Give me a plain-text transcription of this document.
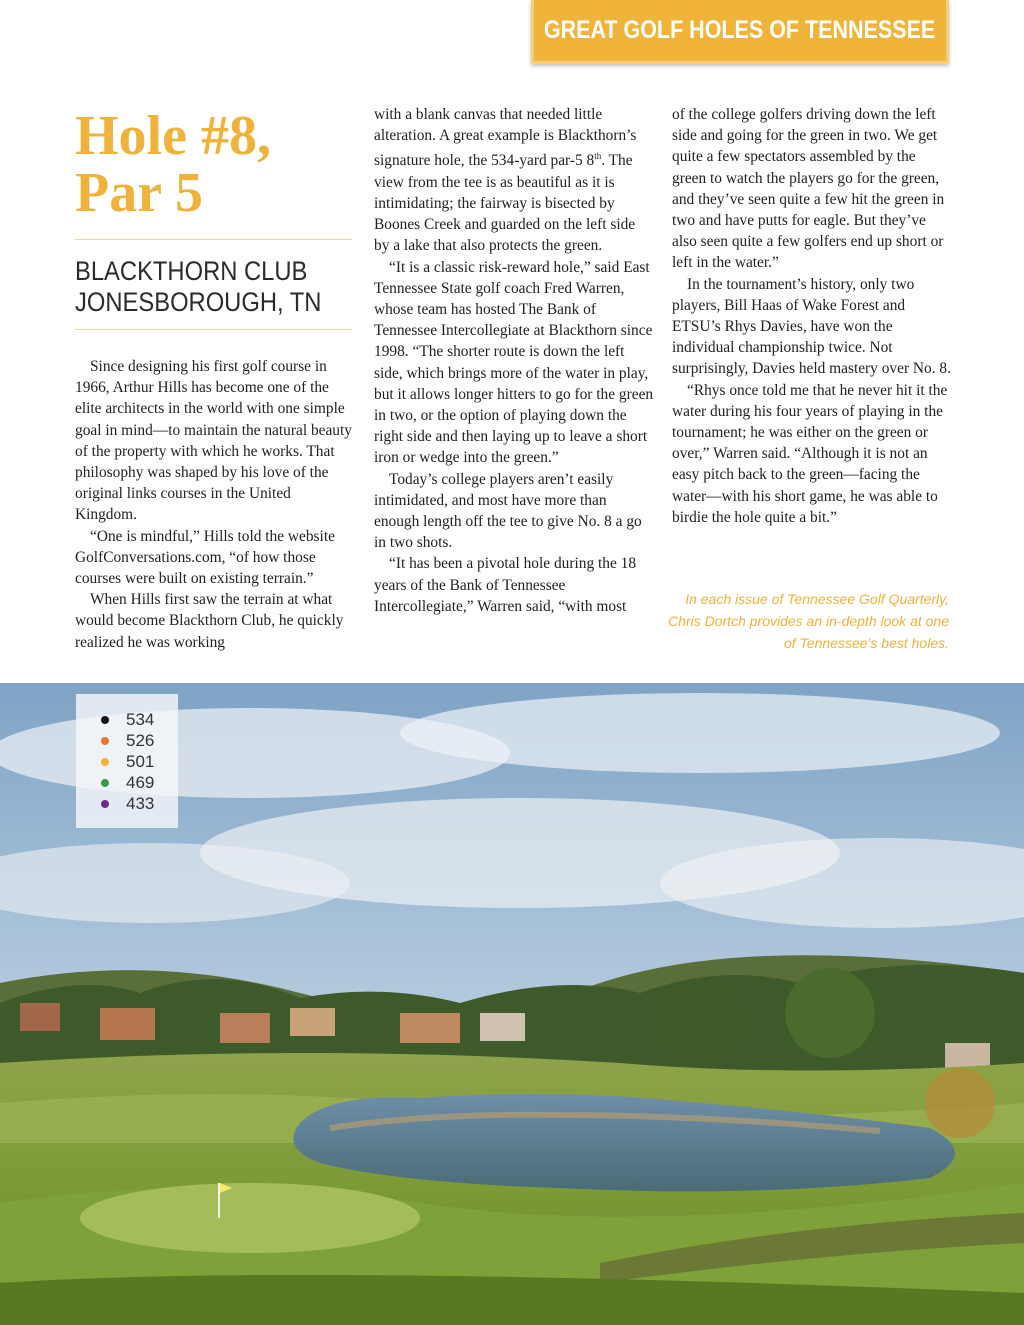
GREAT GOLF HOLES OF TENNESSEE
Hole #8,
Par 5
BLACKTHORN CLUB
JONESBOROUGH, TN

Since designing his first golf course in 1966, Arthur Hills has become one of the elite architects in the world with one simple goal in mind—to maintain the natural beauty of the property with which he works. That philosophy was shaped by his love of the original links courses in the United Kingdom.

“One is mindful,” Hills told the website GolfConversations.com, “of how those courses were built on existing terrain.”

When Hills first saw the terrain at what would become Blackthorn Club, he quickly realized he was working

with a blank canvas that needed little alteration. A great example is Blackthorn’s signature hole, the 534-yard par-5 8th. The view from the tee is as beautiful as it is intimidating; the fairway is bisected by Boones Creek and guarded on the left side by a lake that also protects the green.

“It is a classic risk-reward hole,” said East Tennessee State golf coach Fred Warren, whose team has hosted The Bank of Tennessee Intercollegiate at Blackthorn since 1998. “The shorter route is down the left side, which brings more of the water in play, but it allows longer hitters to go for the green in two, or the option of playing down the right side and then laying up to leave a short iron or wedge into the green.”

Today’s college players aren’t easily intimidated, and most have more than enough length off the tee to give No. 8 a go in two shots.

“It has been a pivotal hole during the 18 years of the Bank of Tennessee Intercollegiate,” Warren said, “with most

of the college golfers driving down the left side and going for the green in two. We get quite a few spectators assembled by the green to watch the players go for the green, and they’ve seen quite a few hit the green in two and have putts for eagle. But they’ve also seen quite a few golfers end up short or left in the water.”

In the tournament’s history, only two players, Bill Haas of Wake Forest and ETSU’s Rhys Davies, have won the individual championship twice. Not surprisingly, Davies held mastery over No. 8.

“Rhys once told me that he never hit it the water during his four years of playing in the tournament; he was either on the green or over,” Warren said. “Although it is not an easy pitch back to the green—facing the water—with his short game, he was able to birdie the hole quite a bit.”

In each issue of Tennessee Golf Quarterly,
Chris Dortch provides an in-depth look at one
of Tennessee’s best holes.
534
526
501
469
433
